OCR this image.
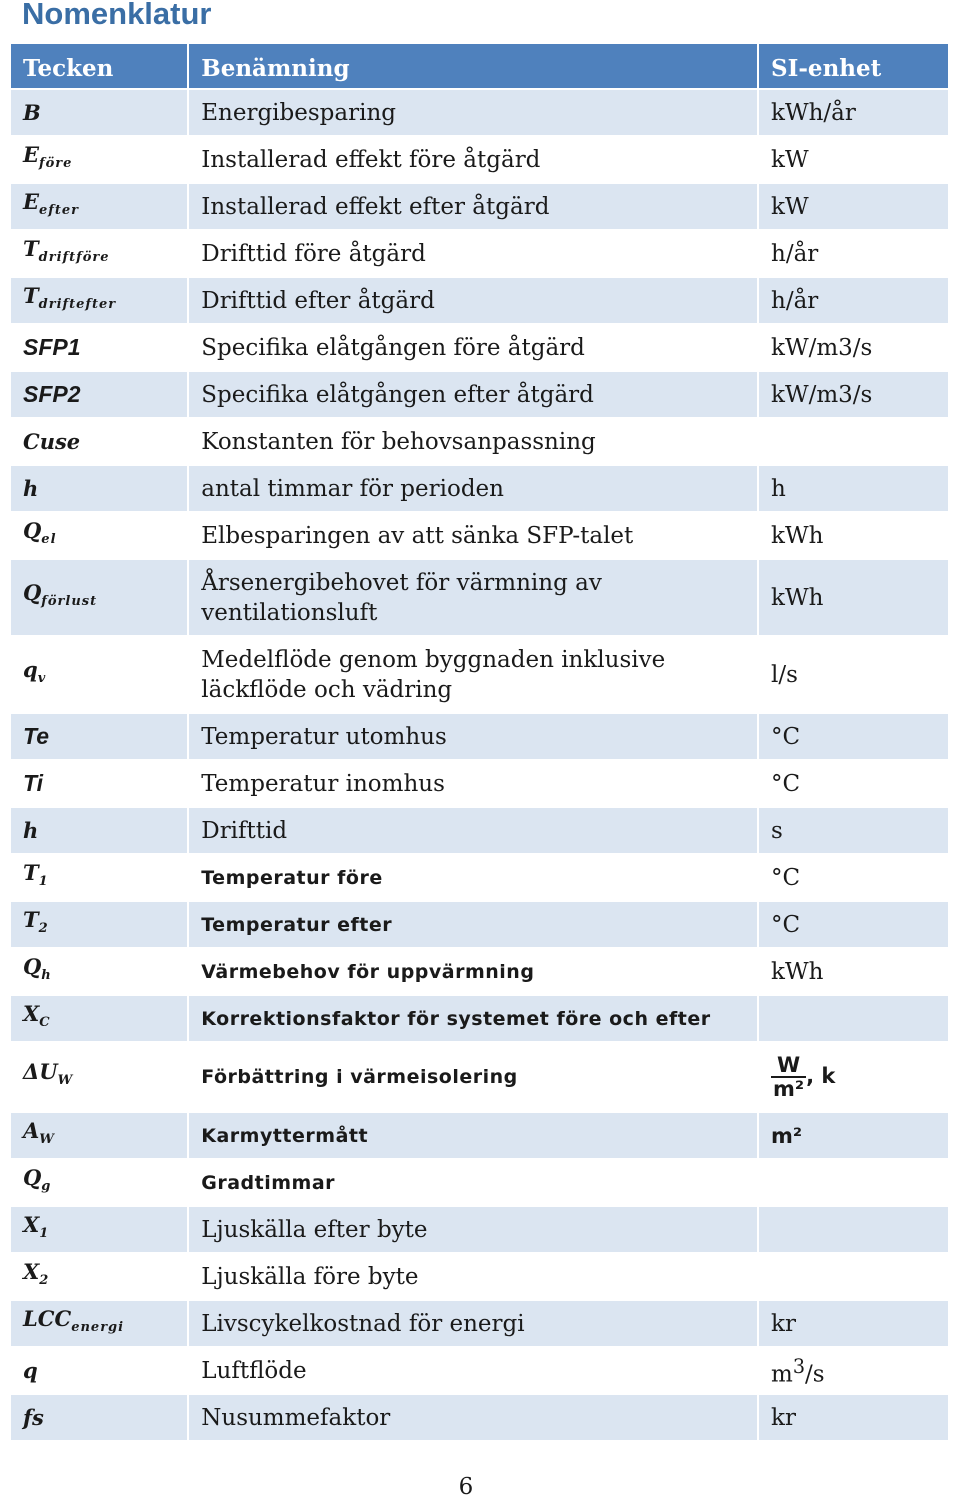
Nomenklatur
Tecken	Benämning	SI-enhet
B	Energibesparing	kWh/år
$E_{före}$	Installerad effekt före åtgärd	kW
$E_{efter}$	Installerad effekt efter åtgärd	kW
$T_{driftföre}$	Drifttid före åtgärd	h/år
$T_{driftefter}$	Drifttid efter åtgärd	h/år
SFP1	Specifika elåtgången före åtgärd	kW/m3/s
SFP2	Specifika elåtgången efter åtgärd	kW/m3/s
Cuse	Konstanten för behovsanpassning	
h	antal timmar för perioden	h
$Q_{el}$	Elbesparingen av att sänka SFP-talet	kWh
$Q_{förlust}$	Årsenergibehovet för värmning av ventilationsluft	kWh
$q_v$	Medelflöde genom byggnaden inklusive läckflöde och vädring	l/s
Te	Temperatur utomhus	°C
Ti	Temperatur inomhus	°C
h	Drifttid	s
$T_1$	Temperatur före	°C
$T_2$	Temperatur efter	°C
$Q_h$	Värmebehov för uppvärmning	kWh
$X_C$	Korrektionsfaktor för systemet före och efter	
$\Delta U_W$	Förbättring i värmeisolering	$\frac{W}{\text{m²}}$ , k
$A_W$	Karmyttermått	m²
$Q_g$	Gradtimmar	
$X_1$	Ljuskälla efter byte	
$X_2$	Ljuskälla före byte	
$LCC_{energi}$	Livscykelkostnad för energi	kr
q	Luftflöde	$m^3/s$
fs	Nusummefaktor	kr
6
